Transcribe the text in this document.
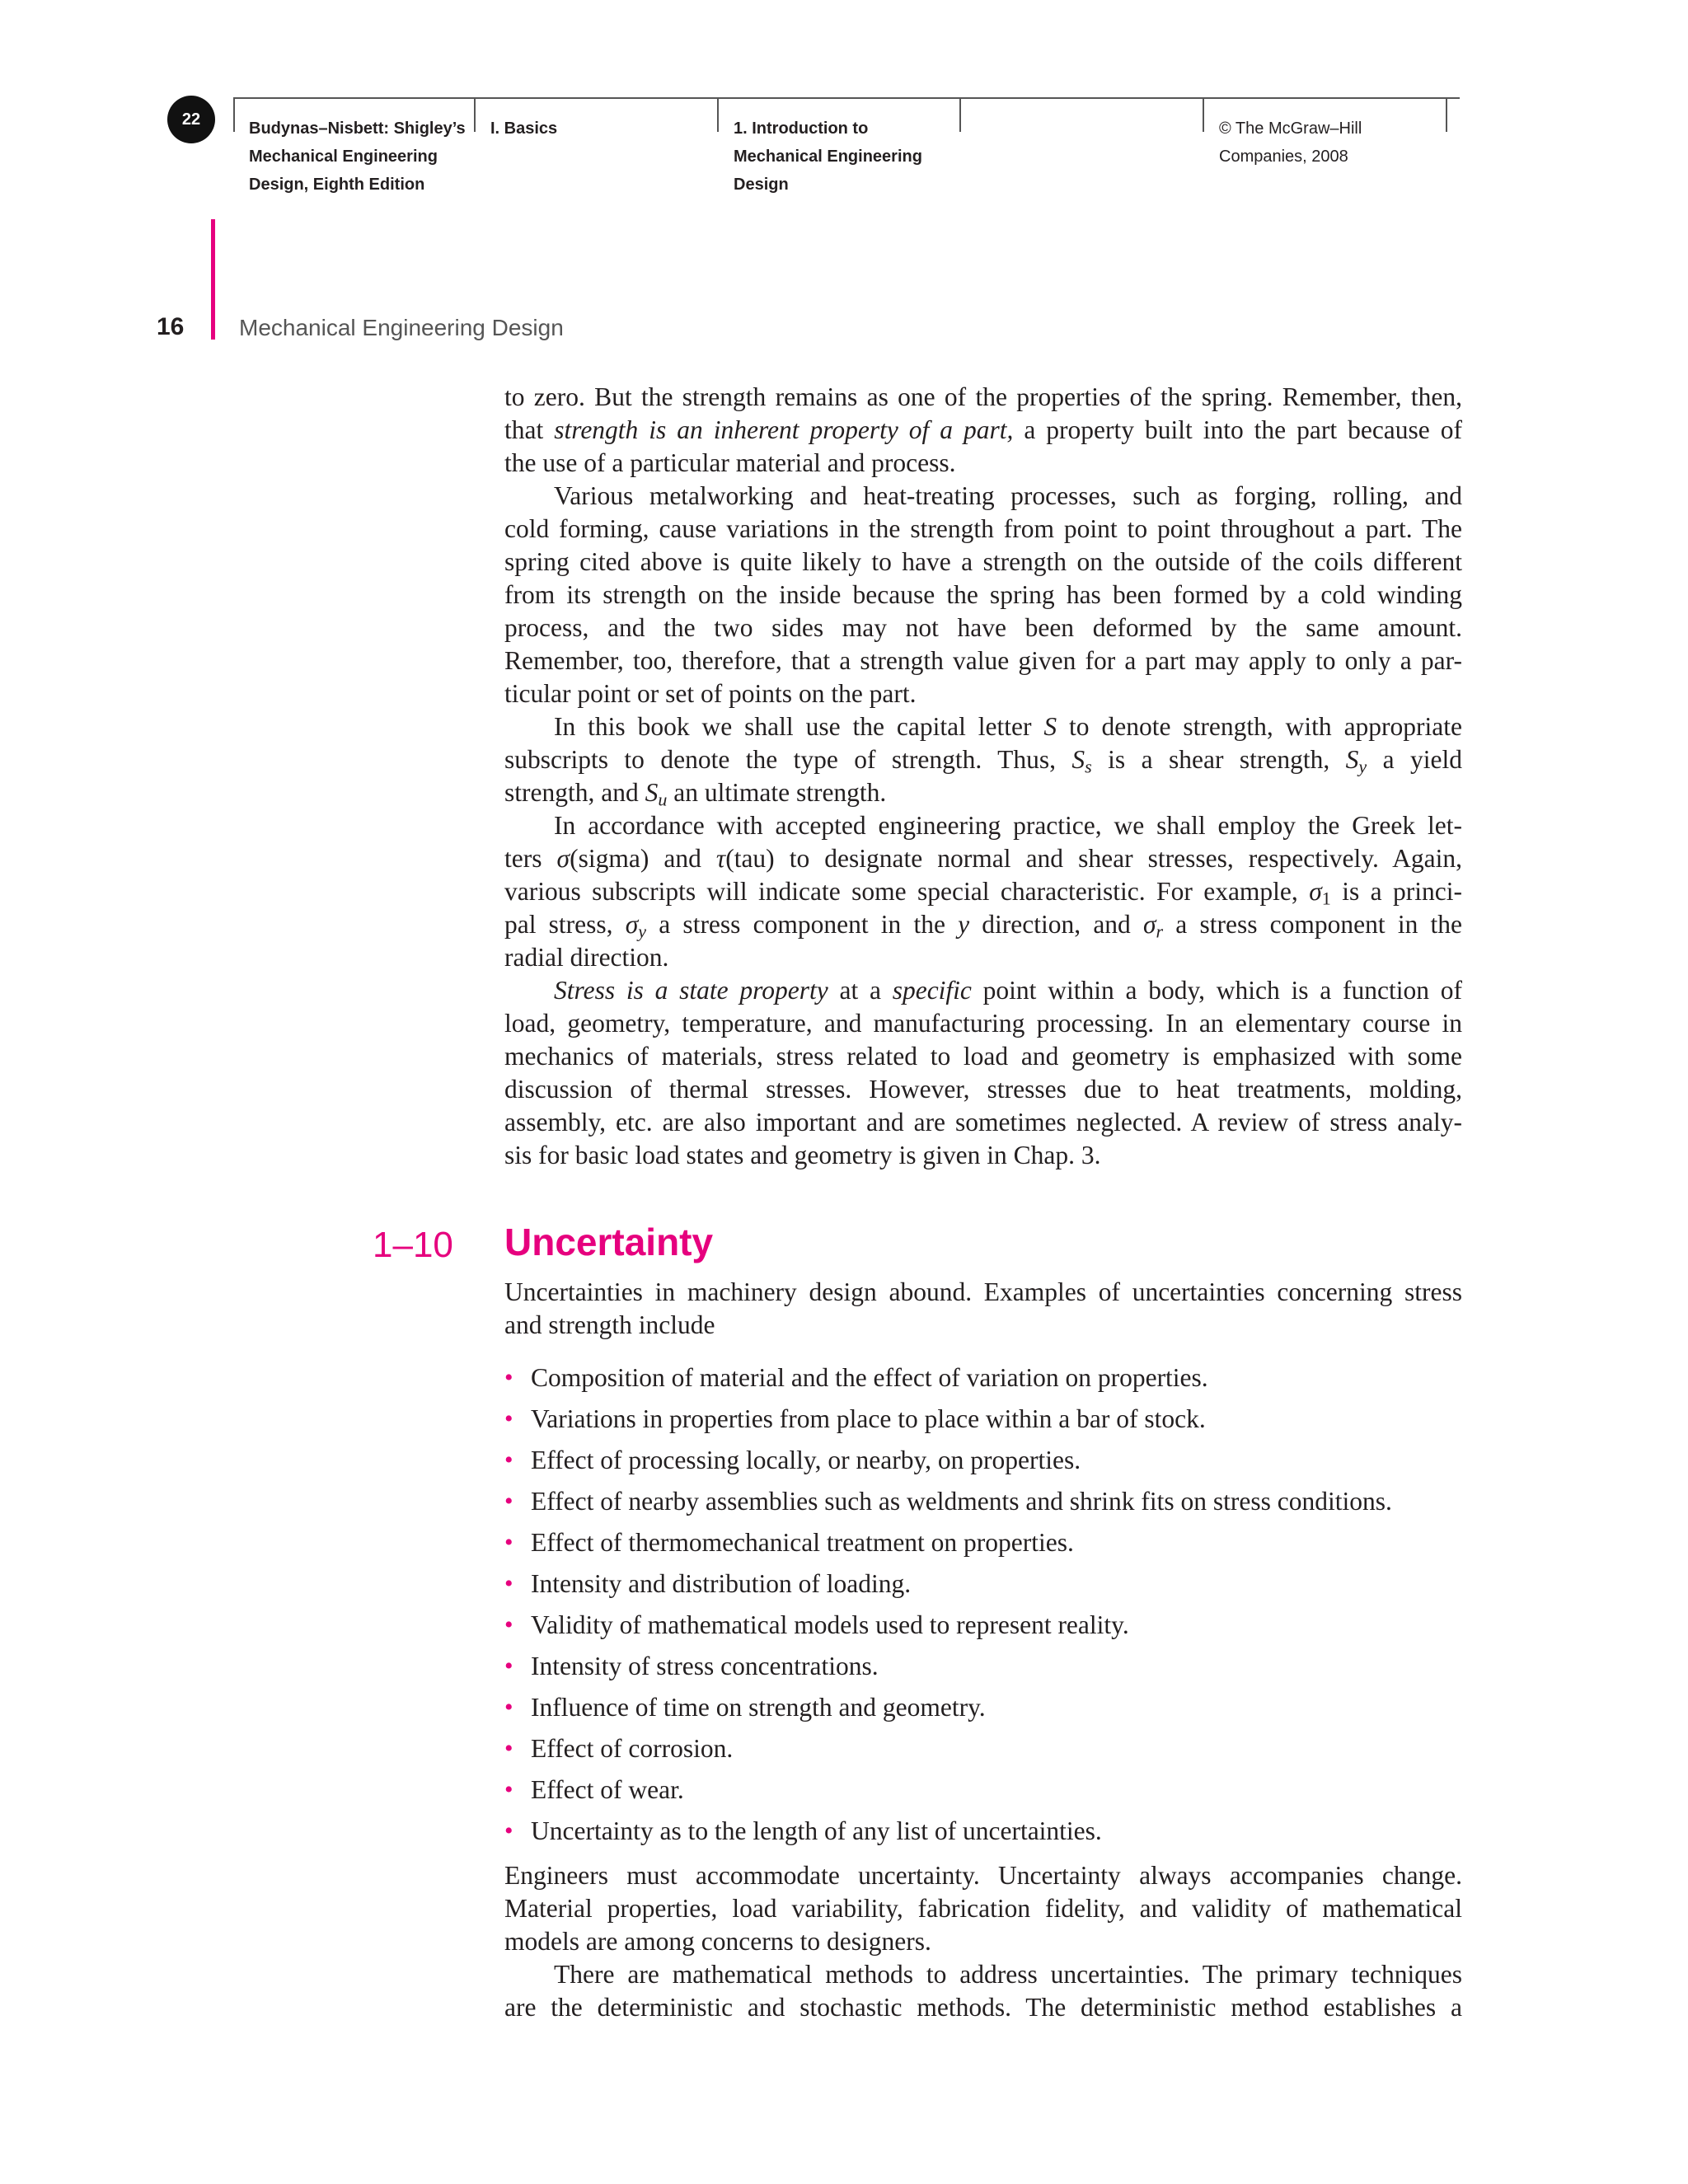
22
Budynas–Nisbett: Shigley’s
Mechanical Engineering
Design, Eighth Edition
I. Basics	1. Introduction to
Mechanical Engineering
Design
© The McGraw–Hill
Companies, 2008
16 Mechanical Engineering Design

to zero. But the strength remains as one of the properties of the spring. Remember, then,
that strength is an inherent property of a part, a property built into the part because of
the use of a particular material and process.

Various metalworking and heat-treating processes, such as forging, rolling, and
cold forming, cause variations in the strength from point to point throughout a part. The
spring cited above is quite likely to have a strength on the outside of the coils different
from its strength on the inside because the spring has been formed by a cold winding
process, and the two sides may not have been deformed by the same amount.
Remember, too, therefore, that a strength value given for a part may apply to only a par-
ticular point or set of points on the part.

In this book we shall use the capital letter S to denote strength, with appropriate
subscripts to denote the type of strength. Thus, $S_s$ is a shear strength, $S_y$ a yield
strength, and $S_u$ an ultimate strength.

In accordance with accepted engineering practice, we shall employ the Greek let-
ters σ(sigma) and τ(tau) to designate normal and shear stresses, respectively. Again,
various subscripts will indicate some special characteristic. For example, $\sigma_1$ is a princi-
pal stress, $\sigma_y$ a stress component in the y direction, and $\sigma_r$ a stress component in the
radial direction.

Stress is a state property at a specific point within a body, which is a function of
load, geometry, temperature, and manufacturing processing. In an elementary course in
mechanics of materials, stress related to load and geometry is emphasized with some
discussion of thermal stresses. However, stresses due to heat treatments, molding,
assembly, etc. are also important and are sometimes neglected. A review of stress analy-
sis for basic load states and geometry is given in Chap. 3.

1–10 Uncertainty

Uncertainties in machinery design abound. Examples of uncertainties concerning stress
and strength include

• Composition of material and the effect of variation on properties.
• Variations in properties from place to place within a bar of stock.
• Effect of processing locally, or nearby, on properties.
• Effect of nearby assemblies such as weldments and shrink fits on stress conditions.
• Effect of thermomechanical treatment on properties.
• Intensity and distribution of loading.
• Validity of mathematical models used to represent reality.
• Intensity of stress concentrations.
• Influence of time on strength and geometry.
• Effect of corrosion.
• Effect of wear.
• Uncertainty as to the length of any list of uncertainties.

Engineers must accommodate uncertainty. Uncertainty always accompanies change.
Material properties, load variability, fabrication fidelity, and validity of mathematical
models are among concerns to designers.

There are mathematical methods to address uncertainties. The primary techniques
are the deterministic and stochastic methods. The deterministic method establishes a
